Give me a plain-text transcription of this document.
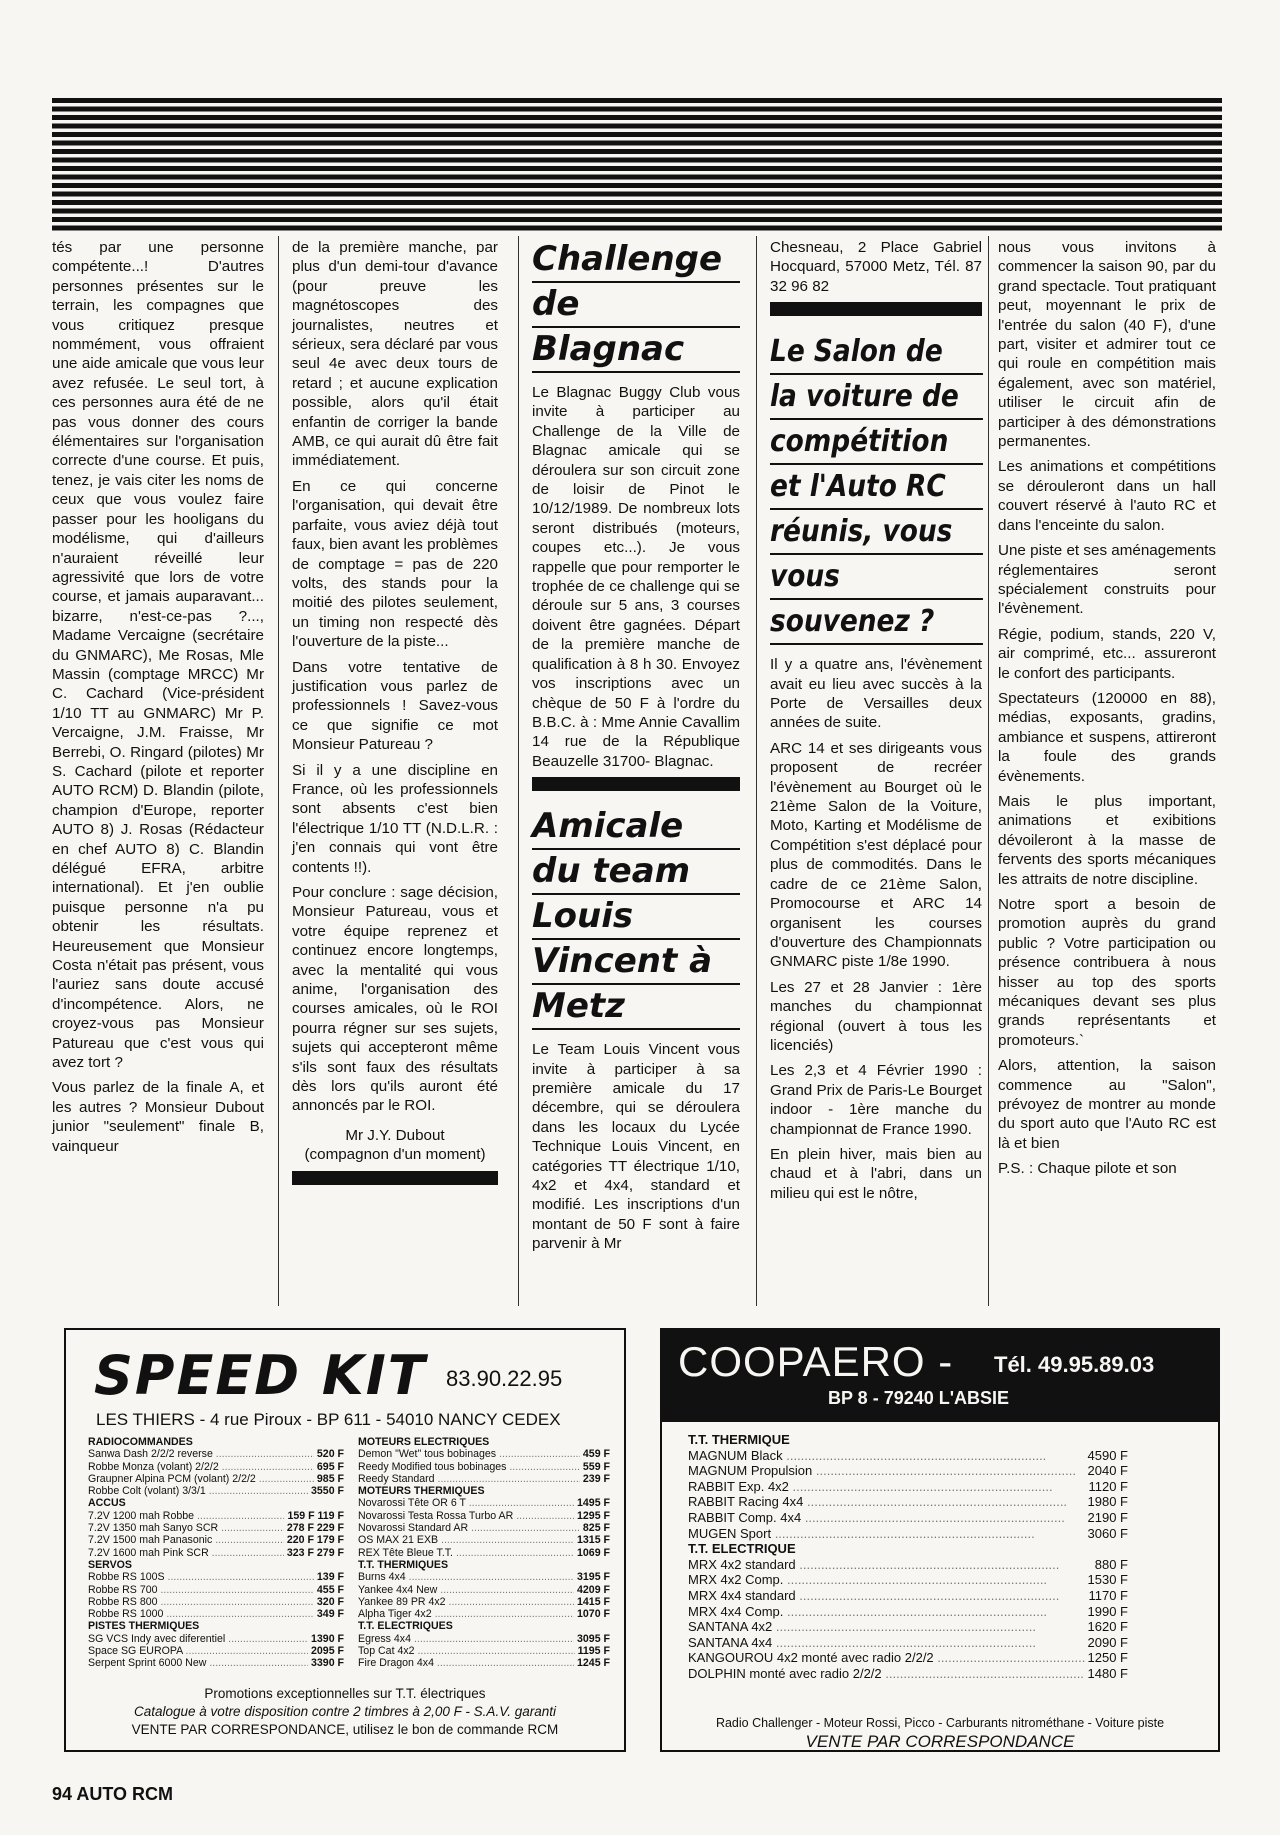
tés par une personne compétente...! D'autres personnes présentes sur le terrain, les compagnes que vous critiquez presque nommément, vous offraient une aide amicale que vous leur avez refusée. Le seul tort, à ces personnes aura été de ne pas vous donner des cours élémentaires sur l'organisation correcte d'une course. Et puis, tenez, je vais citer les noms de ceux que vous voulez faire passer pour les hooligans du modélisme, qui d'ailleurs n'auraient réveillé leur agressivité que lors de votre course, et jamais auparavant... bizarre, n'est-ce-pas ?..., Madame Vercaigne (secrétaire du GNMARC), Me Rosas, Mle Massin (comptage MRCC) Mr C. Cachard (Vice-président 1/10 TT au GNMARC) Mr P. Vercaigne, J.M. Fraisse, Mr Berrebi, O. Ringard (pilotes) Mr S. Cachard (pilote et reporter AUTO RCM) D. Blandin (pilote, champion d'Europe, reporter AUTO 8) J. Rosas (Rédacteur en chef AUTO 8) C. Blandin délégué EFRA, arbitre international). Et j'en oublie puisque personne n'a pu obtenir les résultats. Heureusement que Monsieur Costa n'était pas présent, vous l'auriez sans doute accusé d'incompétence. Alors, ne croyez-vous pas Monsieur Patureau que c'est vous qui avez tort ?

Vous parlez de la finale A, et les autres ? Monsieur Dubout junior "seulement" finale B, vainqueur

de la première manche, par plus d'un demi-tour d'avance (pour preuve les magnétoscopes des journalistes, neutres et sérieux, sera déclaré par vous seul 4e avec deux tours de retard ; et aucune explication possible, alors qu'il était enfantin de corriger la bande AMB, ce qui aurait dû être fait immédiatement.

En ce qui concerne l'organisation, qui devait être parfaite, vous aviez déjà tout faux, bien avant les problèmes de comptage = pas de 220 volts, des stands pour la moitié des pilotes seulement, un timing non respecté dès l'ouverture de la piste...

Dans votre tentative de justification vous parlez de professionnels ! Savez-vous ce que signifie ce mot Monsieur Patureau ?

Si il y a une discipline en France, où les professionnels sont absents c'est bien l'électrique 1/10 TT (N.D.L.R. : j'en connais qui vont être contents !!).

Pour conclure : sage décision, Monsieur Patureau, vous et votre équipe reprenez et continuez encore longtemps, avec la mentalité qui vous anime, l'organisation des courses amicales, où le ROI pourra régner sur ses sujets, sujets qui accepteront même s'ils sont faux des résultats dès lors qu'ils auront été annoncés par le ROI.

Mr J.Y. Dubout
(compagnon d'un moment)
Challenge
de
Blagnac

Le Blagnac Buggy Club vous invite à participer au Challenge de la Ville de Blagnac amicale qui se déroulera sur son circuit zone de loisir de Pinot le 10/12/1989. De nombreux lots seront distribués (moteurs, coupes etc...). Je vous rappelle que pour remporter le trophée de ce challenge qui se déroule sur 5 ans, 3 courses doivent être gagnées. Départ de la première manche de qualification à 8 h 30. Envoyez vos inscriptions avec un chèque de 50 F à l'ordre du B.B.C. à : Mme Annie Cavallim 14 rue de la République Beauzelle 31700- Blagnac.

Amicale
du team
Louis
Vincent à
Metz

Le Team Louis Vincent vous invite à participer à sa première amicale du 17 décembre, qui se déroulera dans les locaux du Lycée Technique Louis Vincent, en catégories TT électrique 1/10, 4x2 et 4x4, standard et modifié. Les inscriptions d'un montant de 50 F sont à faire parvenir à Mr

Chesneau, 2 Place Gabriel Hocquard, 57000 Metz, Tél. 87 32 96 82

Le Salon de
la voiture de
compétition
et l'Auto RC
réunis, vous
vous
souvenez ?

Il y a quatre ans, l'évènement avait eu lieu avec succès à la Porte de Versailles deux années de suite.

ARC 14 et ses dirigeants vous proposent de recréer l'évènement au Bourget où le 21ème Salon de la Voiture, Moto, Karting et Modélisme de Compétition s'est déplacé pour plus de commodités. Dans le cadre de ce 21ème Salon, Promocourse et ARC 14 organisent les courses d'ouverture des Championnats GNMARC piste 1/8e 1990.

Les 27 et 28 Janvier : 1ère manches du championnat régional (ouvert à tous les licenciés)

Les 2,3 et 4 Février 1990 : Grand Prix de Paris-Le Bourget indoor - 1ère manche du championnat de France 1990.

En plein hiver, mais bien au chaud et à l'abri, dans un milieu qui est le nôtre,

nous vous invitons à commencer la saison 90, par du grand spectacle. Tout pratiquant peut, moyennant le prix de l'entrée du salon (40 F), d'une part, visiter et admirer tout ce qui roule en compétition mais également, avec son matériel, utiliser le circuit afin de participer à des démonstrations permanentes.

Les animations et compétitions se dérouleront dans un hall couvert réservé à l'auto RC et dans l'enceinte du salon.

Une piste et ses aménagements réglementaires seront spécialement construits pour l'évènement.

Régie, podium, stands, 220 V, air comprimé, etc... assureront le confort des participants.

Spectateurs (120000 en 88), médias, exposants, gradins, ambiance et suspens, attireront la foule des grands évènements.

Mais le plus important, animations et exibitions dévoileront à la masse de fervents des sports mécaniques les attraits de notre discipline.

Notre sport a besoin de promotion auprès du grand public ? Votre participation ou présence contribuera à nous hisser au top des sports mécaniques devant ses plus grands représentants et promoteurs.`

Alors, attention, la saison commence au "Salon", prévoyez de montrer au monde du sport auto que l'Auto RC est là et bien

P.S. : Chaque pilote et son

SPEED KIT 83.90.22.95
LES THIERS - 4 rue Piroux - BP 611 - 54010 NANCY CEDEX
RADIOCOMMANDES
Sanwa Dash 2/2/2 reverse .....	520 F
Robbe Monza (volant) 2/2/2 .....	695 F
Graupner Alpina PCM (volant) 2/2/2 .....	985 F
Robbe Colt (volant) 3/3/1 .....	3550 F
ACCUS
7.2V 1200 mah Robbe .....	159 F 119 F
7.2V 1350 mah Sanyo SCR .....	278 F 229 F
7.2V 1500 mah Panasonic .....	220 F 179 F
7.2V 1600 mah Pink SCR .....	323 F 279 F
SERVOS
Robbe RS 100S .....	139 F
Robbe RS 700 .....	455 F
Robbe RS 800 .....	320 F
Robbe RS 1000 .....	349 F
PISTES THERMIQUES
SG VCS Indy avec diferentiel .....	1390 F
Space SG EUROPA .....	2095 F
Serpent Sprint 6000 New .....	3390 F
MOTEURS ELECTRIQUES
Demon "Wet" tous bobinages .....	459 F
Reedy Modified tous bobinages .....	559 F
Reedy Standard .....	239 F
MOTEURS THERMIQUES
Novarossi Tête OR 6 T .....	1495 F
Novarossi Testa Rossa Turbo AR .....	1295 F
Novarossi Standard AR .....	825 F
OS MAX 21 EXB .....	1315 F
REX Tête Bleue T.T. .....	1069 F
T.T. THERMIQUES
Burns 4x4 .....	3195 F
Yankee 4x4 New .....	4209 F
Yankee 89 PR 4x2 .....	1415 F
Alpha Tiger 4x2 .....	1070 F
T.T. ELECTRIQUES
Egress 4x4 .....	3095 F
Top Cat 4x2 .....	1195 F
Fire Dragon 4x4 .....	1245 F
Promotions exceptionnelles sur T.T. électriques
Catalogue à votre disposition contre 2 timbres à 2,00 F - S.A.V. garanti
VENTE PAR CORRESPONDANCE, utilisez le bon de commande RCM
COOPAERO - Tél. 49.95.89.03
BP 8 - 79240 L'ABSIE
T.T. THERMIQUE
MAGNUM Black .....	4590 F
MAGNUM Propulsion .....	2040 F
RABBIT Exp. 4x2 .....	1120 F
RABBIT Racing 4x4 .....	1980 F
RABBIT Comp. 4x4 .....	2190 F
MUGEN Sport .....	3060 F
T.T. ELECTRIQUE
MRX 4x2 standard .....	880 F
MRX 4x2 Comp. .....	1530 F
MRX 4x4 standard .....	1170 F
MRX 4x4 Comp. .....	1990 F
SANTANA 4x2 .....	1620 F
SANTANA 4x4 .....	2090 F
KANGOUROU 4x2 monté avec radio 2/2/2 .....	1250 F
DOLPHIN monté avec radio 2/2/2 .....	1480 F
Radio Challenger - Moteur Rossi, Picco - Carburants nitrométhane - Voiture piste
VENTE PAR CORRESPONDANCE
94 AUTO RCM
